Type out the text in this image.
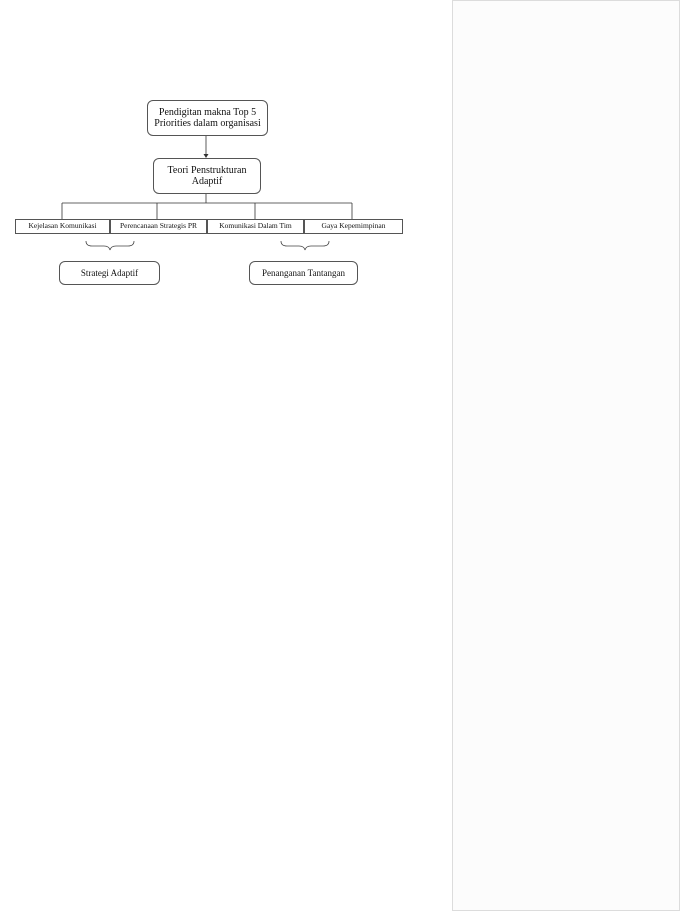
Pendigitan makna Top 5
Priorities dalam organisasi
Teori Penstrukturan
Adaptif
Kejelasan Komunikasi	Perencanaan Strategis PR	Komunikasi Dalam Tim	Gaya Kepemimpinan
Strategi Adaptif	Penanganan Tantangan
